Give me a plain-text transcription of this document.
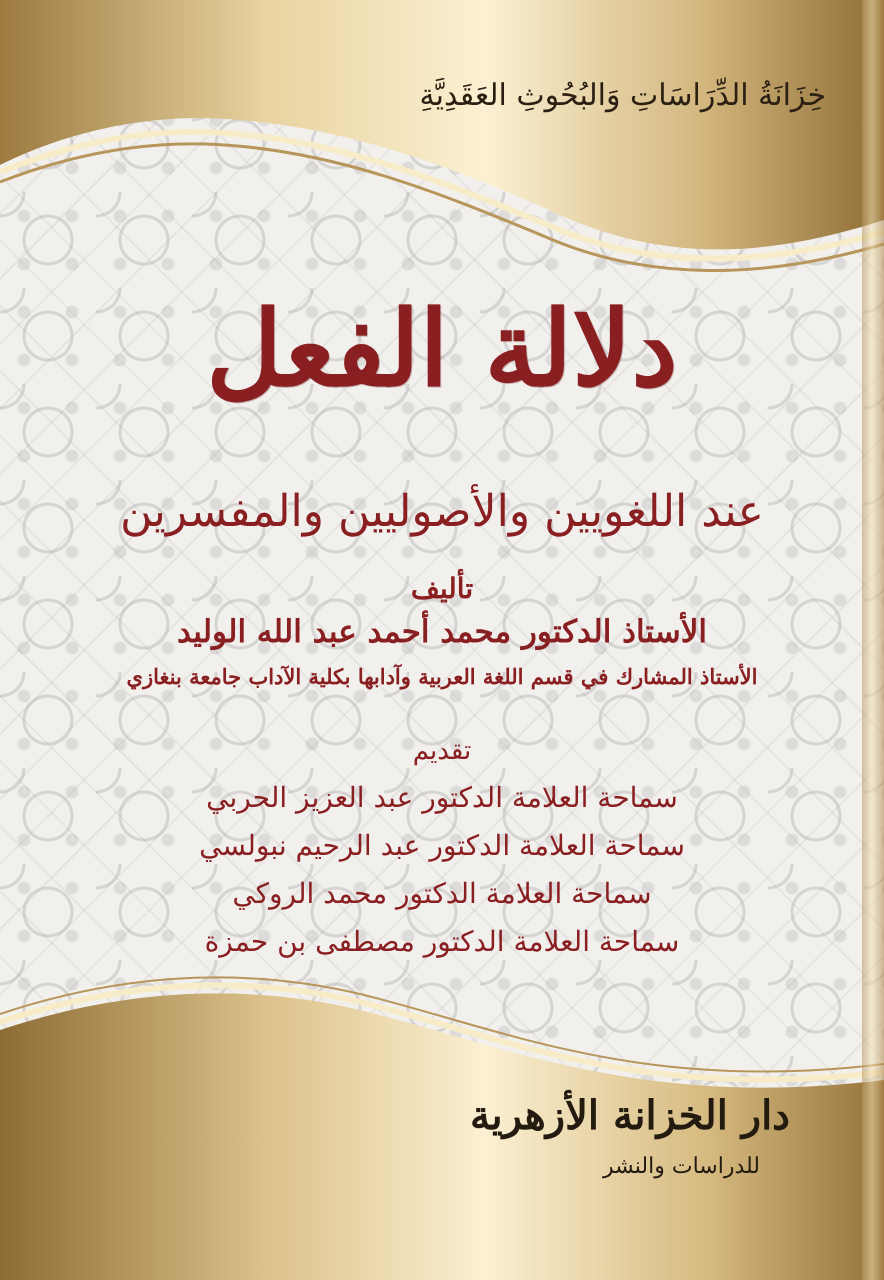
خِزَانَةُ الدِّرَاسَاتِ وَالبُحُوثِ العَقَدِيَّةِ
دلالة الفعل
عند اللغويين والأصوليين والمفسرين
تأليف
الأستاذ الدكتور محمد أحمد عبد الله الوليد
الأستاذ المشارك في قسم اللغة العربية وآدابها بكلية الآداب جامعة بنغازي
تقديم
سماحة العلامة الدكتور عبد العزيز الحربي
سماحة العلامة الدكتور عبد الرحيم نبولسي
سماحة العلامة الدكتور محمد الروكي
سماحة العلامة الدكتور مصطفى بن حمزة
دار الخزانة الأزهرية
للدراسات والنشر
